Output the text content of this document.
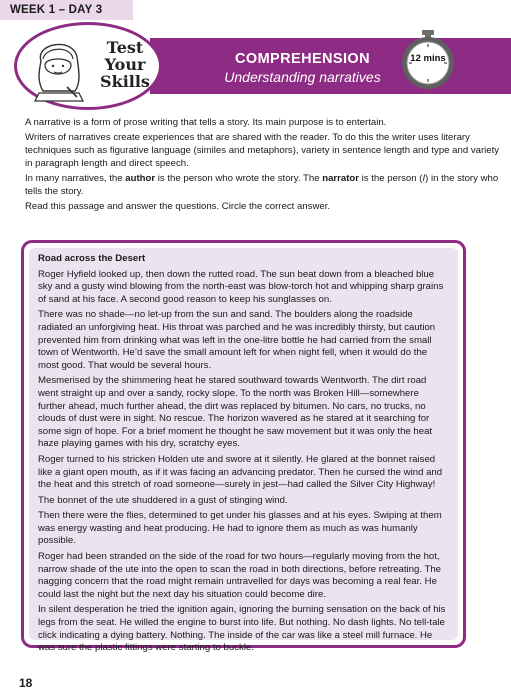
WEEK 1 – DAY 3
COMPREHENSION
Understanding narratives
Test
Your
Skills
12 mins

A narrative is a form of prose writing that tells a story. Its main purpose is to entertain.

Writers of narratives create experiences that are shared with the reader. To do this the writer uses literary techniques such as figurative language (similes and metaphors), variety in sentence length and type and variety in paragraph length and direct speech.

In many narratives, the author is the person who wrote the story. The narrator is the person (I) in the story who tells the story.

Read this passage and answer the questions. Circle the correct answer.

Road across the Desert

Roger Hyfield looked up, then down the rutted road. The sun beat down from a bleached blue sky and a gusty wind blowing from the north-east was blow-torch hot and whipping sharp grains of sand at his face. A second good reason to keep his sunglasses on.

There was no shade—no let-up from the sun and sand. The boulders along the roadside radiated an unforgiving heat. His throat was parched and he was incredibly thirsty, but caution prevented him from drinking what was left in the one-litre bottle he had carried from the small town of Wentworth. He’d save the small amount left for when night fell, when it would do the most good. That would be several hours.

Mesmerised by the shimmering heat he stared southward towards Wentworth. The dirt road went straight up and over a sandy, rocky slope. To the north was Broken Hill—somewhere further ahead, much further ahead, the dirt was replaced by bitumen. No cars, no trucks, no clouds of dust were in sight. No rescue. The horizon wavered as he stared at it searching for some sign of hope. For a brief moment he thought he saw movement but it was only the heat haze playing games with his dry, scratchy eyes.

Roger turned to his stricken Holden ute and swore at it silently. He glared at the bonnet raised like a giant open mouth, as if it was facing an advancing predator. Then he cursed the wind and the heat and this stretch of road someone—surely in jest—had called the Silver City Highway!

The bonnet of the ute shuddered in a gust of stinging wind.

Then there were the flies, determined to get under his glasses and at his eyes. Swiping at them was energy wasting and heat producing. He had to ignore them as much as was humanly possible.

Roger had been stranded on the side of the road for two hours—regularly moving from the hot, narrow shade of the ute into the open to scan the road in both directions, before retreating. The nagging concern that the road might remain untravelled for days was becoming a real fear. He could last the night but the next day his situation could become dire.

In silent desperation he tried the ignition again, ignoring the burning sensation on the back of his legs from the seat. He willed the engine to burst into life. But nothing. No dash lights. No tell-tale click indicating a dying battery. Nothing. The inside of the car was like a steel mill furnace. He was sure the plastic fittings were starting to buckle.

18
